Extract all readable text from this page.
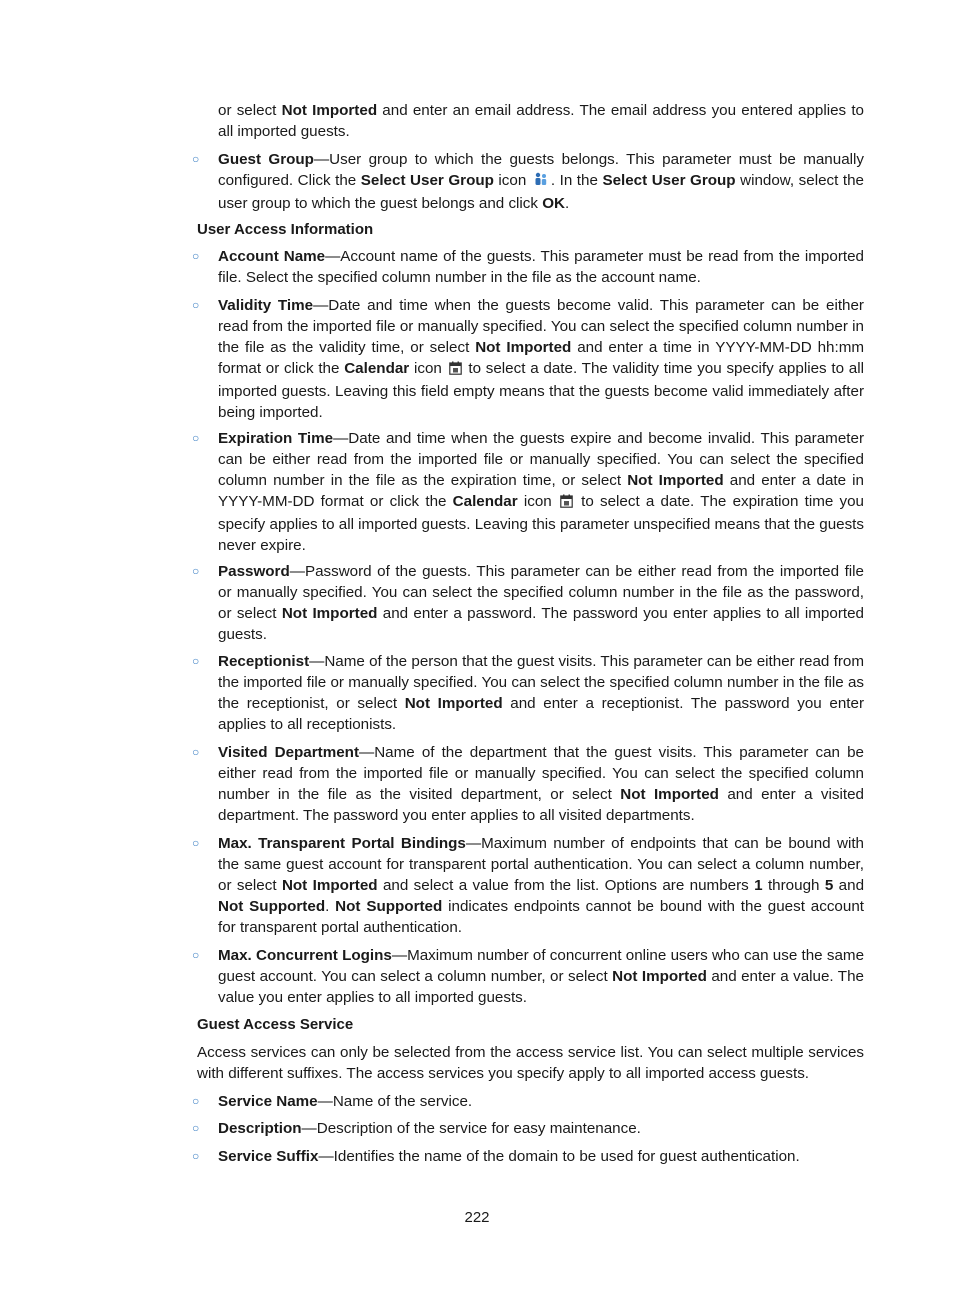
or select Not Imported and enter an email address. The email address you entered applies to all imported guests.
○	Guest Group—User group to which the guests belongs. This parameter must be manually configured. Click the Select User Group icon . In the Select User Group window, select the user group to which the guest belongs and click OK.
User Access Information
○	Account Name—Account name of the guests. This parameter must be read from the imported file. Select the specified column number in the file as the account name.
○	Validity Time—Date and time when the guests become valid. This parameter can be either read from the imported file or manually specified. You can select the specified column number in the file as the validity time, or select Not Imported and enter a time in YYYY-MM-DD hh:mm format or click the Calendar icon  to select a date. The validity time you specify applies to all imported guests. Leaving this field empty means that the guests become valid immediately after being imported.
○	Expiration Time—Date and time when the guests expire and become invalid. This parameter can be either read from the imported file or manually specified. You can select the specified column number in the file as the expiration time, or select Not Imported and enter a date in YYYY-MM-DD format or click the Calendar icon  to select a date. The expiration time you specify applies to all imported guests. Leaving this parameter unspecified means that the guests never expire.
○	Password—Password of the guests. This parameter can be either read from the imported file or manually specified. You can select the specified column number in the file as the password, or select Not Imported and enter a password. The password you enter applies to all imported guests.
○	Receptionist—Name of the person that the guest visits. This parameter can be either read from the imported file or manually specified. You can select the specified column number in the file as the receptionist, or select Not Imported and enter a receptionist. The password you enter applies to all receptionists.
○	Visited Department—Name of the department that the guest visits. This parameter can be either read from the imported file or manually specified. You can select the specified column number in the file as the visited department, or select Not Imported and enter a visited department. The password you enter applies to all visited departments.
○	Max. Transparent Portal Bindings—Maximum number of endpoints that can be bound with the same guest account for transparent portal authentication. You can select a column number, or select Not Imported and select a value from the list. Options are numbers 1 through 5 and Not Supported. Not Supported indicates endpoints cannot be bound with the guest account for transparent portal authentication.
○	Max. Concurrent Logins—Maximum number of concurrent online users who can use the same guest account. You can select a column number, or select Not Imported and enter a value. The value you enter applies to all imported guests.
Guest Access Service
Access services can only be selected from the access service list. You can select multiple services with different suffixes. The access services you specify apply to all imported access guests.
○	Service Name—Name of the service.
○	Description—Description of the service for easy maintenance.
○	Service Suffix—Identifies the name of the domain to be used for guest authentication.
222
